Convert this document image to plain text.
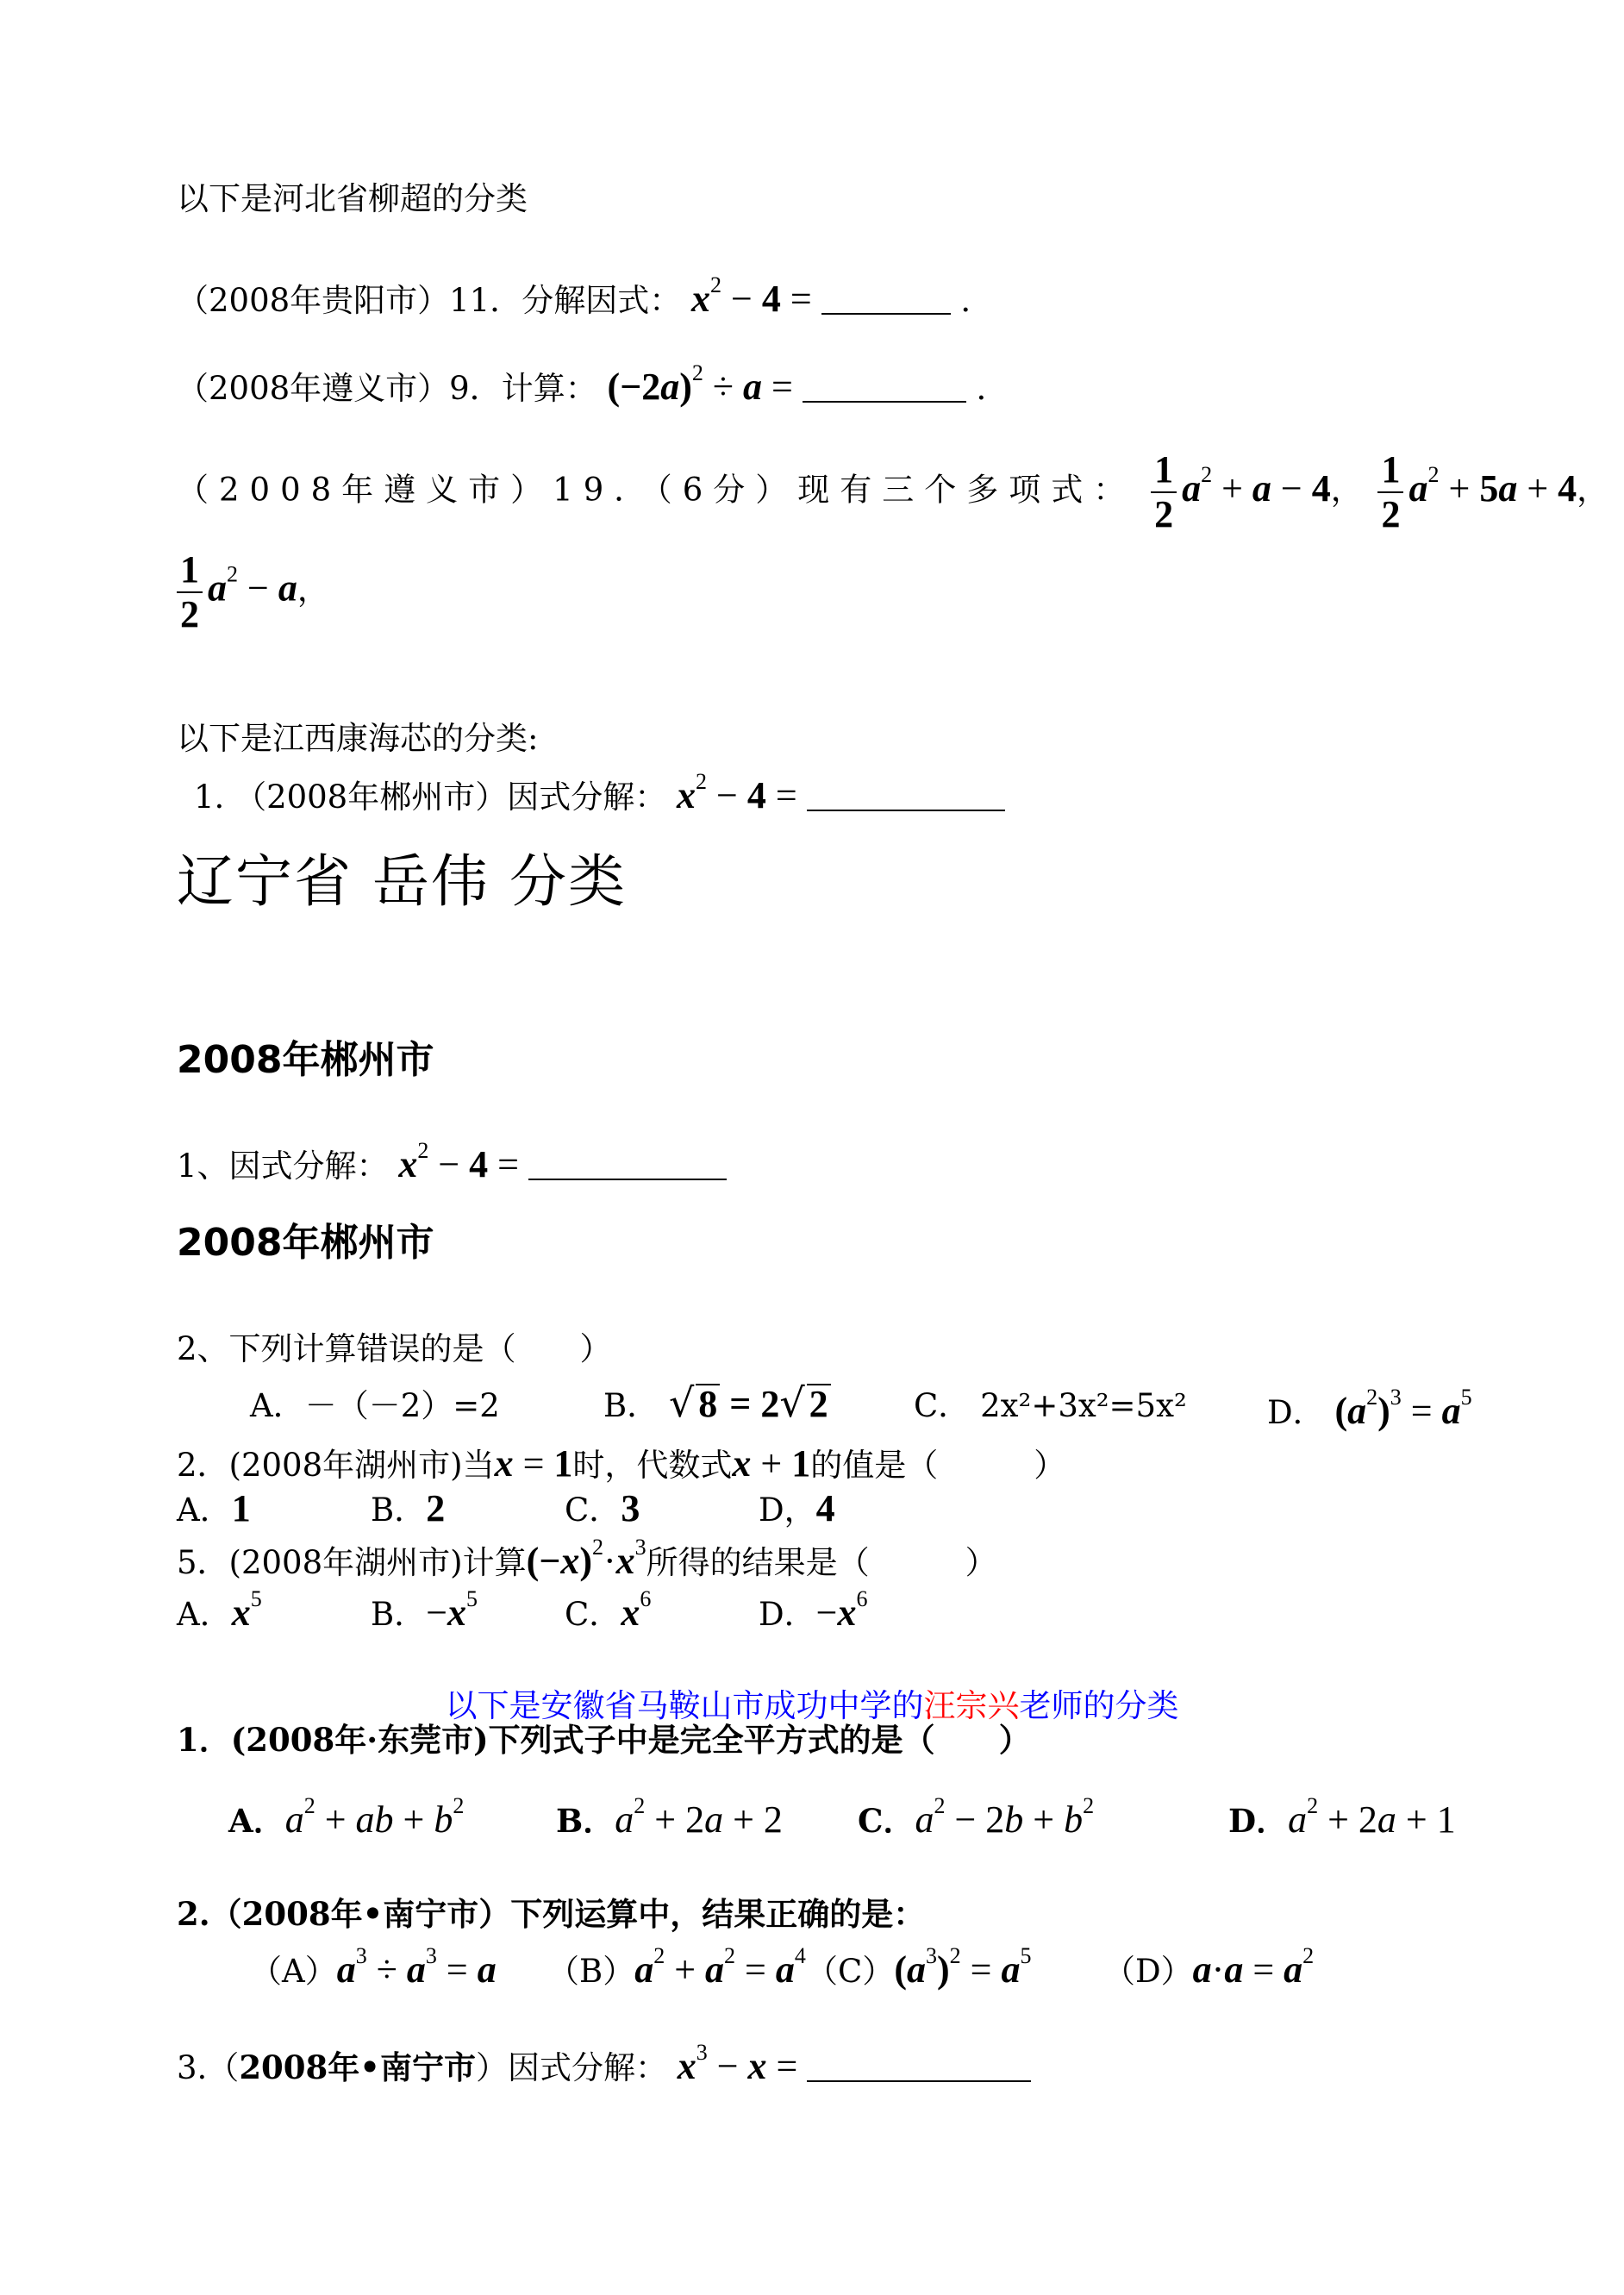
以下是河北省柳超的分类
（2008年贵阳市）11．分解因式： $x^2 - 4$ =	．
（2008年遵义市）9．计算： $(-2a)^2 \div a$ =	．
（2008年遵义市）19．（6分）现有三个多项式： $\frac{1}{2} a^2 + a - 4$， $\frac{1}{2} a^2 + 5a + 4$，
$\frac{1}{2} a^2 - a$，
以下是江西康海芯的分类:
1. （2008年郴州市）因式分解： $x^2 - 4$ =
辽宁省 岳伟 分类
2008年郴州市
1、因式分解： $x^2 - 4$ =
2008年郴州市
2、下列计算错误的是（　　）
A．－（－2）=2	B． √ 8 = 2√ 2	C． 2x²+3x²=5x²	D． $(a^2)^3 = a^5$
2．(2008年湖州市)当x = 1时，代数式x + 1的值是（　　　）
A．1	B．2	C．3	D，4
5．(2008年湖州市)计算$(-x)^2\cdot x^3$所得的结果是（　　　）
A．$x^5$	B．$-x^5$	C．$x^6$	D．$-x^6$
以下是安徽省马鞍山市成功中学的汪宗兴老师的分类
1．(2008年·东莞市)下列式子中是完全平方式的是（　　）
A．$a^2$ + ab + $b^2$	B．$a^2 + 2a + 2$ C．$a^2 - 2b + b^2$	D．$a^2 + 2a + 1$
2.（2008年•南宁市）下列运算中，结果正确的是：
$(A)a^3 \div a^3 = a$ $(B)a^2 + a^2 = a^4(C)(a^3)^2 = a^5$ $(D)a\cdot a = a^2$
3.（2008年•南宁市）因式分解： $x^3 - x$ =
